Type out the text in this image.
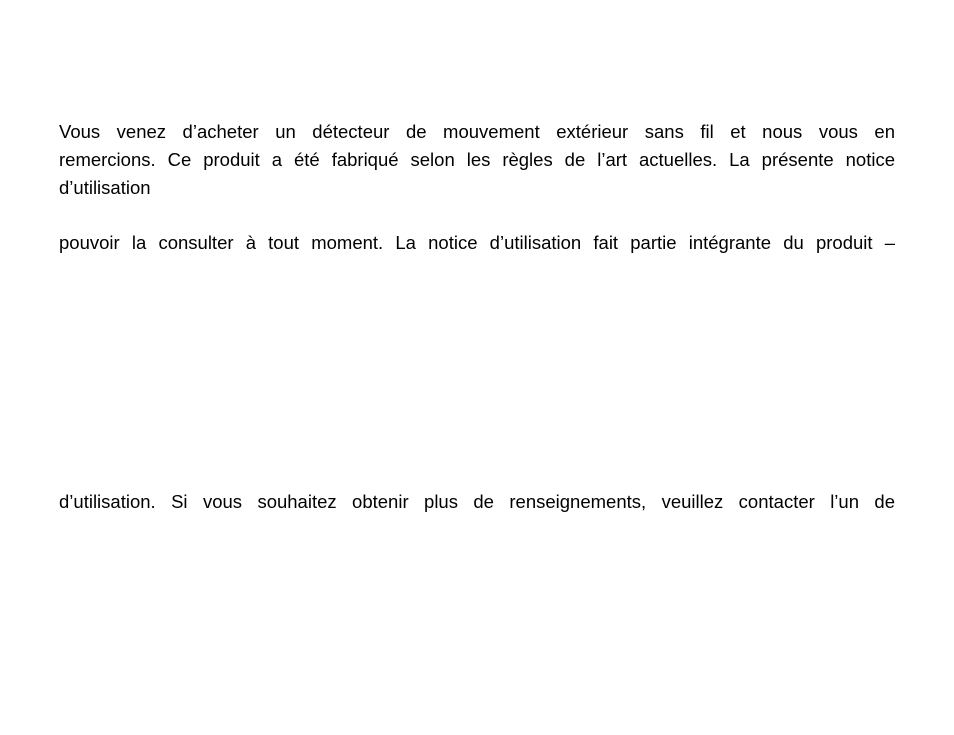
Vous venez d’acheter un détecteur de mouvement extérieur sans fil et nous vous en
remercions. Ce produit a été fabriqué selon les règles de l’art actuelles. La présente notice
d’utilisation

pouvoir la consulter à tout moment. La notice d’utilisation fait partie intégrante du produit –

d’utilisation. Si vous souhaitez obtenir plus de renseignements, veuillez contacter l’un de
